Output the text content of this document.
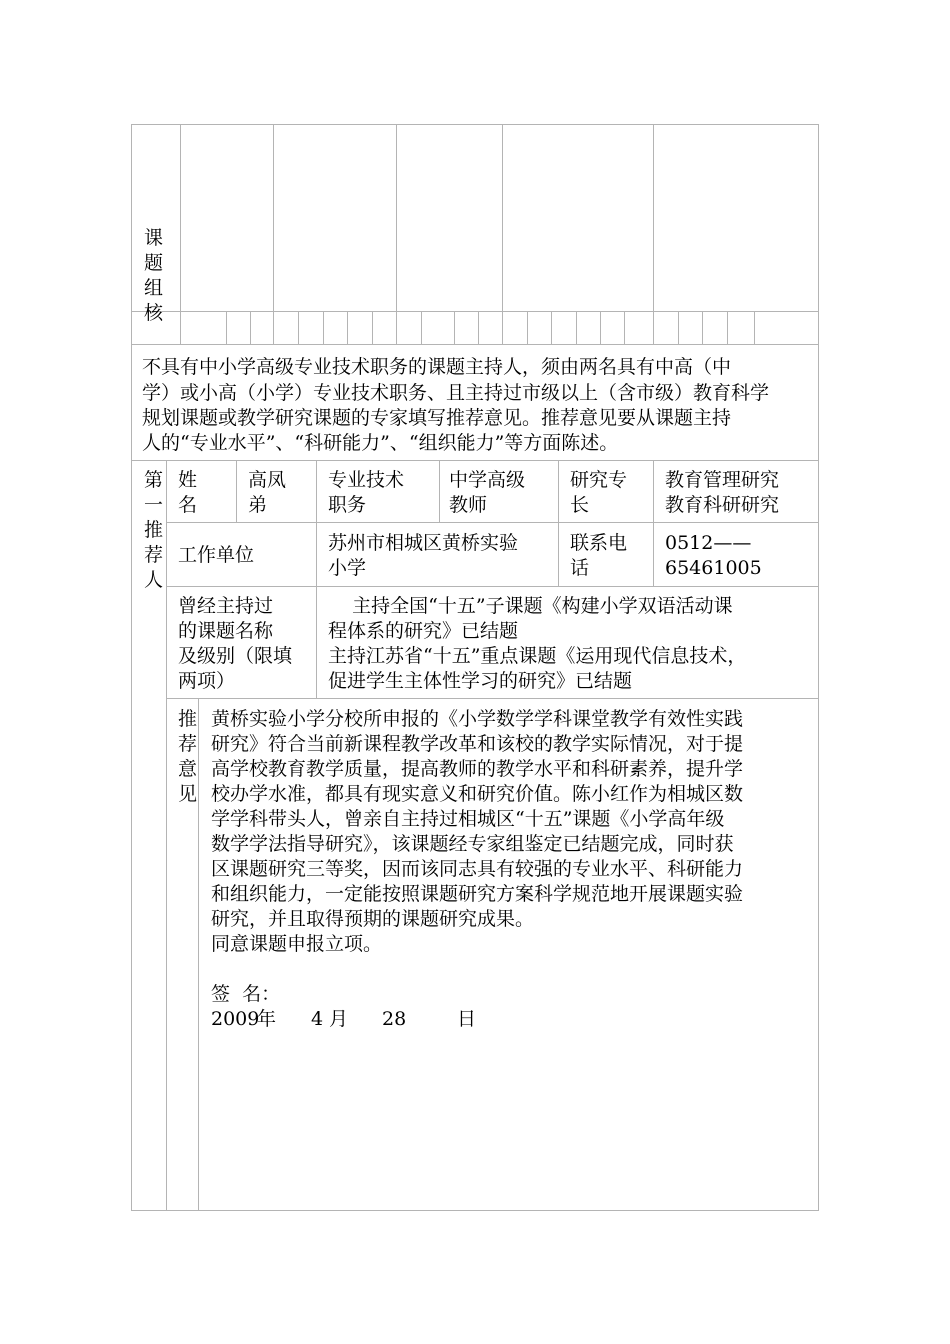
课题组核

不具有中小学高级专业技术职务的课题主持人，须由两名具有中高（中

学）或小高（小学）专业技术职务、且主持过市级以上（含市级）教育科学

规划课题或教学研究课题的专家填写推荐意见。推荐意见要从课题主持

人的“专业水平”、“科研能力”、“组织能力”等方面陈述。

第一推荐人

姓

名

高凤

弟

专业技术

职务

中学高级

教师

研究专

长

教育管理研究

教育科研研究

工作单位

苏州市相城区黄桥实验

小学

联系电

话

0512——

65461005

曾经主持过

的课题名称

及级别（限填

两项）

主持全国“十五”子课题《构建小学双语活动课

程体系的研究》已结题

主持江苏省“十五”重点课题《运用现代信息技术，

促进学生主体性学习的研究》已结题

推荐意见

黄桥实验小学分校所申报的《小学数学学科课堂教学有效性实践

研究》符合当前新课程教学改革和该校的教学实际情况，对于提

高学校教育教学质量，提高教师的教学水平和科研素养，提升学

校办学水准，都具有现实意义和研究价值。陈小红作为相城区数

学学科带头人，曾亲自主持过相城区“十五”课题《小学高年级

数学学法指导研究》，该课题经专家组鉴定已结题完成，同时获

区课题研究三等奖，因而该同志具有较强的专业水平、科研能力

和组织能力，一定能按照课题研究方案科学规范地开展课题实验

研究，并且取得预期的课题研究成果。

同意课题申报立项。

签  名：

2009
年 4 月 28	日
